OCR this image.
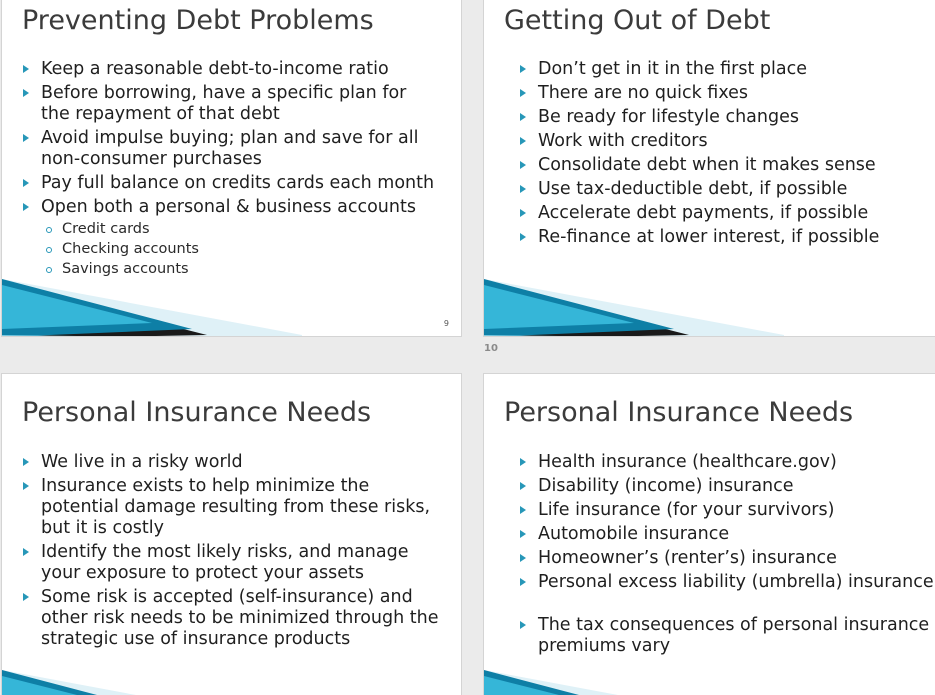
Preventing Debt Problems
Keep a reasonable debt-to-income ratio
Before borrowing, have a specific plan for the repayment of that debt
Avoid impulse buying; plan and save for all non-consumer purchases
Pay full balance on credits cards each month
Open both a personal & business accounts
Credit cards
Checking accounts
Savings accounts
9
Getting Out of Debt
Don’t get in it in the first place
There are no quick fixes
Be ready for lifestyle changes
Work with creditors
Consolidate debt when it makes sense
Use tax-deductible debt, if possible
Accelerate debt payments, if possible
Re-finance at lower interest, if possible
10
Personal Insurance Needs
We live in a risky world
Insurance exists to help minimize the potential damage resulting from these risks, but it is costly
Identify the most likely risks, and manage your exposure to protect your assets
Some risk is accepted (self-insurance) and other risk needs to be minimized through the strategic use of insurance products
Personal Insurance Needs
Health insurance (healthcare.gov)
Disability (income) insurance
Life insurance (for your survivors)
Automobile insurance
Homeowner’s (renter’s) insurance
Personal excess liability (umbrella) insurance
The tax consequences of personal insurance premiums vary
